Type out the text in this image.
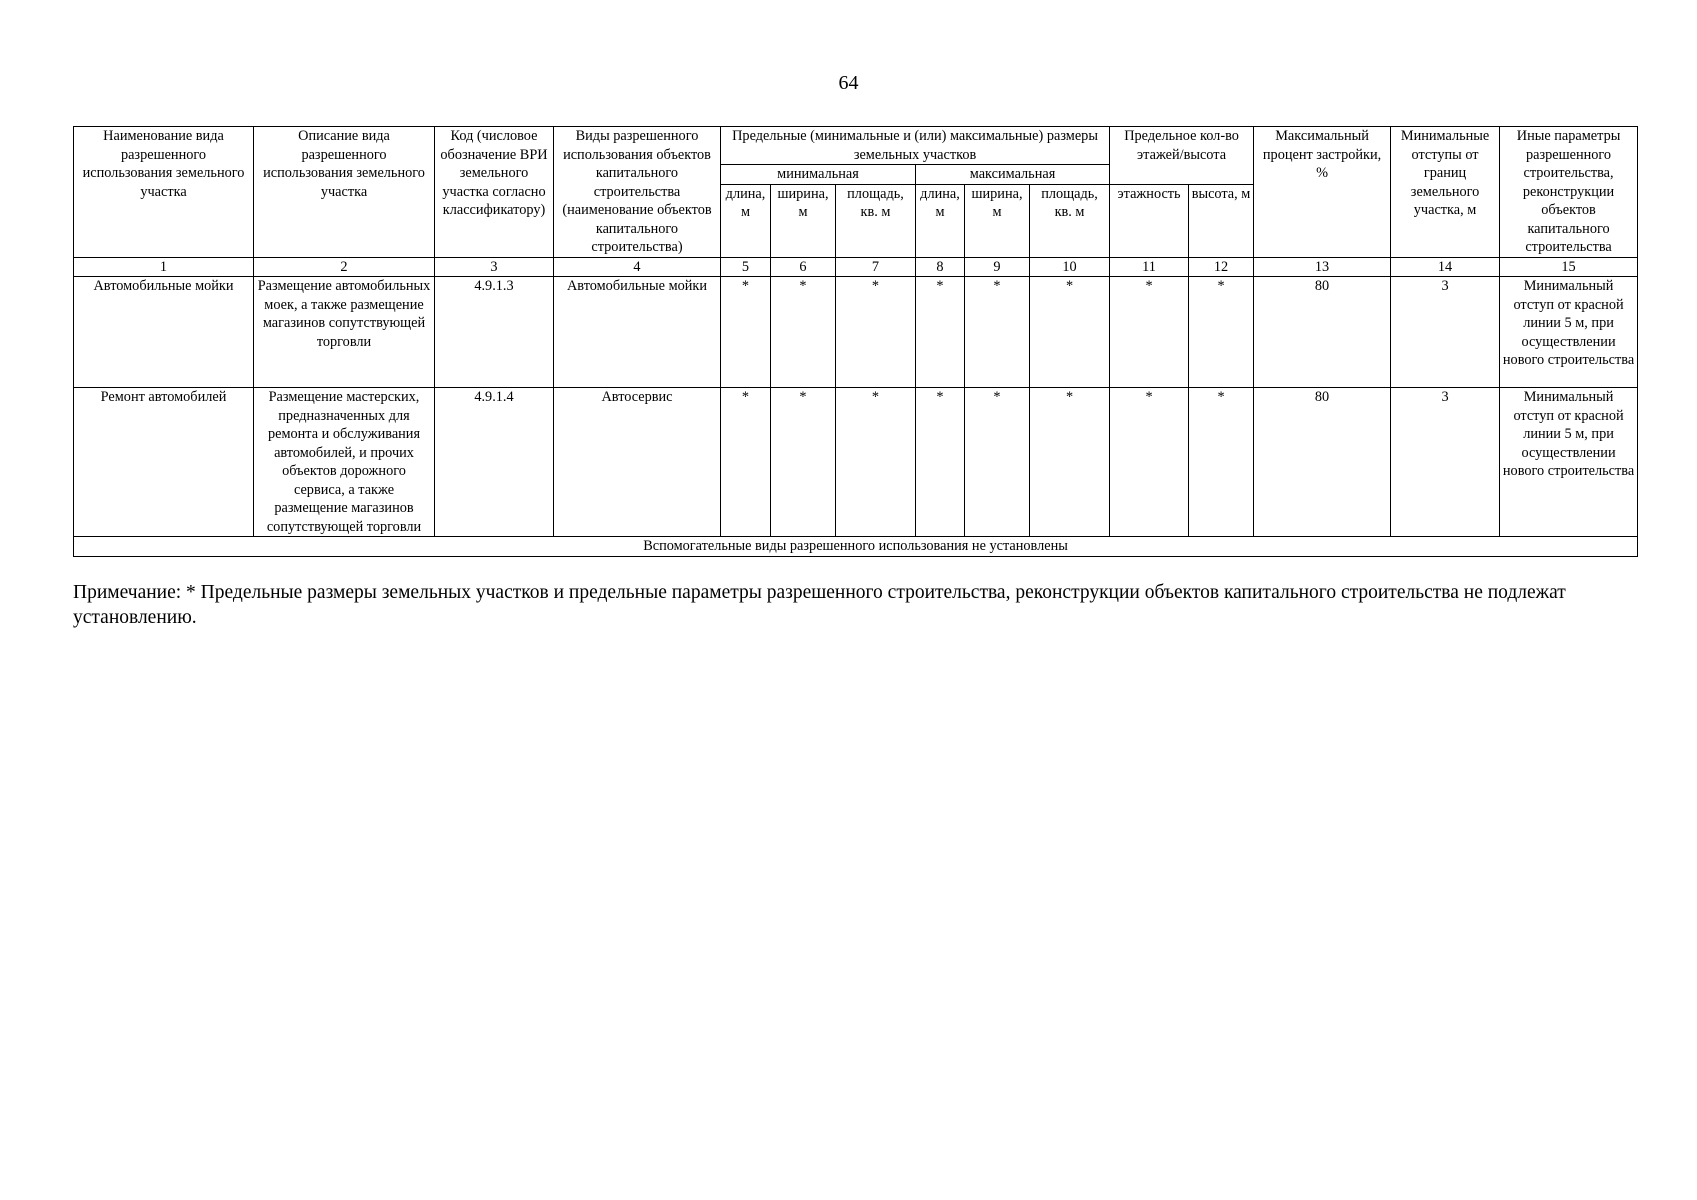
64
Наименование вида разрешенного использования земельного участка	Описание вида разрешенного использования земельного участка	Код (числовое обозначение ВРИ земельного участка согласно классификатору)	Виды разрешенного использования объектов капитального строительства (наименование объектов капитального строительства)	Предельные (минимальные и (или) максимальные) размеры земельных участков						Предельное кол-во этажей/высота		Максимальный процент застройки, %	Минимальные отступы от границ земельного участка, м	Иные параметры разрешенного строительства, реконструкции объектов капитального строительства
				минимальная			максимальная							
				длина, м	ширина, м	площадь, кв. м	длина, м	ширина, м	площадь, кв. м	этажность	высота, м			
1	2	3	4	5	6	7	8	9	10	11	12	13	14	15
Автомобильные мойки	Размещение автомобильных моек, а также размещение магазинов сопутствующей торговли	4.9.1.3	Автомобильные мойки	*	*	*	*	*	*	*	*	80	3	Минимальный отступ от красной линии 5 м, при осуществлении нового строительства
Ремонт автомобилей	Размещение мастерских, предназначенных для ремонта и обслуживания автомобилей, и прочих объектов дорожного сервиса, а также размещение магазинов сопутствующей торговли	4.9.1.4	Автосервис	*	*	*	*	*	*	*	*	80	3	Минимальный отступ от красной линии 5 м, при осуществлении нового строительства
Вспомогательные виды разрешенного использования не установлены														
Примечание: * Предельные размеры земельных участков и предельные параметры разрешенного строительства, реконструкции объектов капитального строительства не подлежат установлению.
